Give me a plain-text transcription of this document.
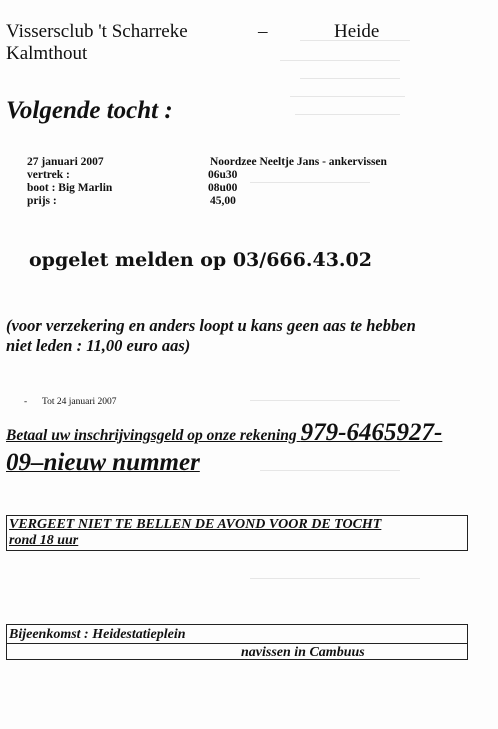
Vissersclub 't Scharreke	–	Heide
Kalmthout
Volgende tocht :
27 januari 2007	Noordzee Neeltje Jans - ankervissen
vertrek :	06u30
boot : Big Marlin	08u00
prijs :	45,00
opgelet melden op 03/666.43.02
(voor verzekering en anders loopt u kans geen aas te hebben
niet leden : 11,00 euro aas)
- Tot 24 januari 2007
Betaal uw inschrijvingsgeld op onze rekening 979-6465927-
09–nieuw nummer
VERGEET NIET TE BELLEN DE AVOND VOOR DE TOCHT
rond 18 uur
Bijeenkomst : Heidestatieplein
navissen in Cambuus
